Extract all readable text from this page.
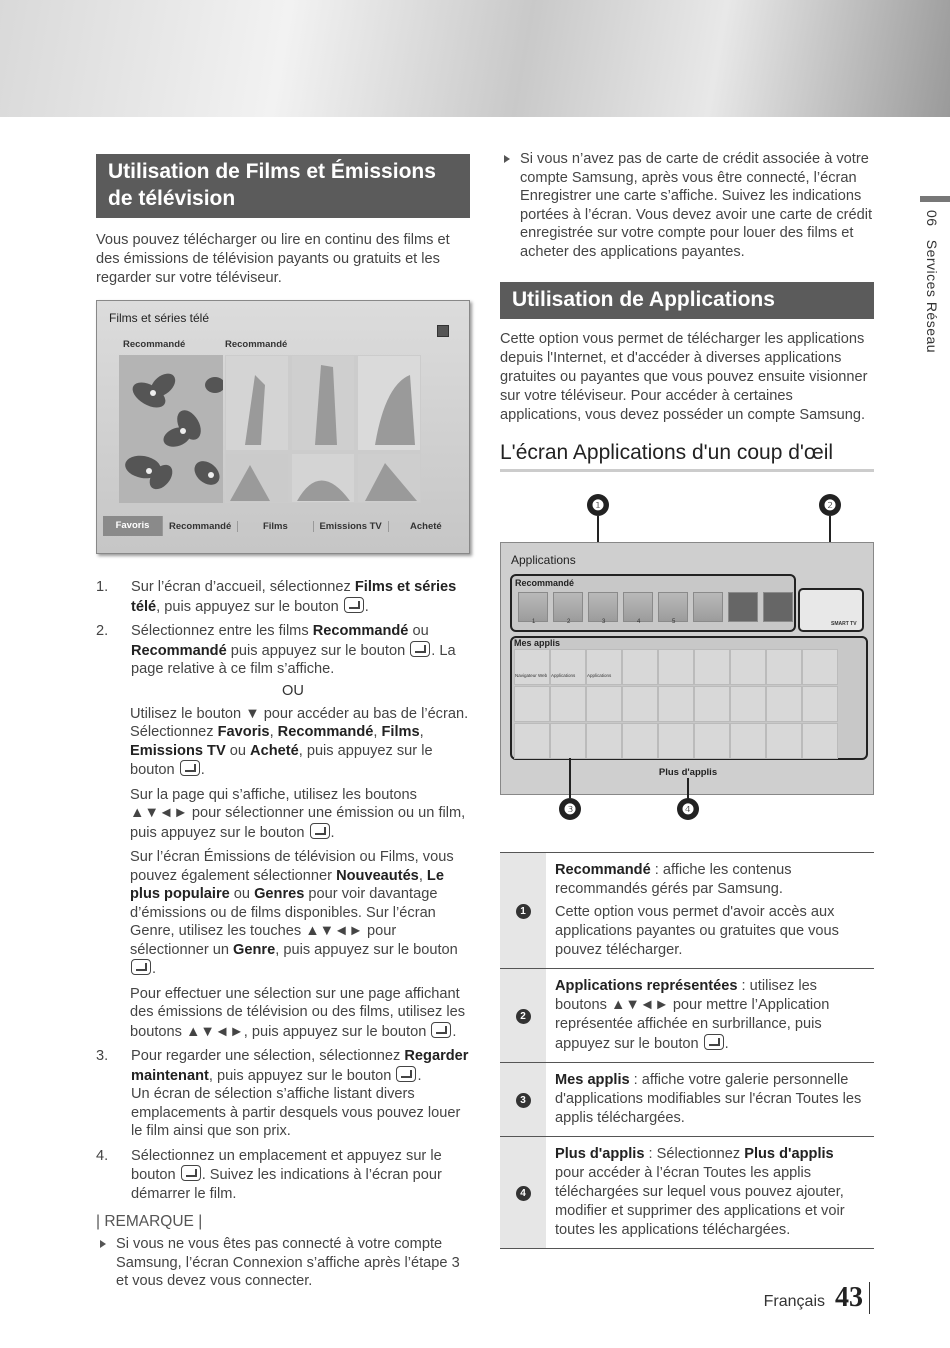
06   Services Réseau
Utilisation de Films et Émissions de télévision

Vous pouvez télécharger ou lire en continu des films et des émissions de télévision payants ou gratuits et les regarder sur votre téléviseur.

Films et séries télé
Recommandé	Recommandé
Favoris	Recommandé	Films	Emissions TV	Acheté
1. Sur l’écran d’accueil, sélectionnez Films et séries télé, puis appuyez sur le bouton .
2. Sélectionnez entre les films Recommandé ou Recommandé puis appuyez sur le bouton . La page relative à ce film s’affiche.
OU

Utilisez le bouton ▼ pour accéder au bas de l’écran. Sélectionnez Favoris, Recommandé, Films, Emissions TV ou Acheté, puis appuyez sur le bouton .

Sur la page qui s’affiche, utilisez les boutons ▲▼◄► pour sélectionner une émission ou un film, puis appuyez sur le bouton .

Sur l’écran Émissions de télévision ou Films, vous pouvez également sélectionner Nouveautés, Le plus populaire ou Genres pour voir davantage d’émissions ou de films disponibles. Sur l’écran Genre, utilisez les touches ▲▼◄► pour sélectionner un Genre, puis appuyez sur le bouton .

Pour effectuer une sélection sur une page affichant des émissions de télévision ou des films, utilisez les boutons ▲▼◄►, puis appuyez sur le bouton .

3. Pour regarder une sélection, sélectionnez Regarder maintenant, puis appuyez sur le bouton .
Un écran de sélection s’affiche listant divers emplacements à partir desquels vous pouvez louer le film ainsi que son prix.
4. Sélectionnez un emplacement et appuyez sur le bouton . Suivez les indications à l’écran pour démarrer le film.
| REMARQUE |

Si vous ne vous êtes pas connecté à votre compte Samsung, l’écran Connexion s’affiche après l’étape 3 et vous devez vous connecter.

Si vous n’avez pas de carte de crédit associée à votre compte Samsung, après vous être connecté, l’écran Enregistrer une carte s’affiche. Suivez les indications portées à l’écran. Vous devez avoir une carte de crédit enregistrée sur votre compte pour louer des films et acheter des applications payantes.

Utilisation de Applications

Cette option vous permet de télécharger les applications depuis l'Internet, et d'accéder à diverses applications gratuites ou payantes que vous pouvez ensuite visionner sur votre téléviseur. Pour accéder à certaines applications, vous devez posséder un compte Samsung.

L'écran Applications d'un coup d'œil
❶	❷
Applications
Recommandé
1	2	3	4	5	SMART TV
Mes applis
Navigateur Web Applications	Applications
Plus d'applis
❸	❹
1	Recommandé : affiche les contenus recommandés gérés par Samsung.
Cette option vous permet d'avoir accès aux applications payantes ou gratuites que vous pouvez télécharger.

2	Applications représentées : utilisez les boutons ▲▼◄► pour mettre l’Application représentée affichée en surbrillance, puis appuyez sur le bouton .
3	Mes applis : affiche votre galerie personnelle d'applications modifiables sur l'écran Toutes les applis téléchargées.
4	Plus d'applis : Sélectionnez Plus d'applis pour accéder à l’écran Toutes les applis téléchargées sur lequel vous pouvez ajouter, modifier et supprimer des applications et voir toutes les applications téléchargées.
Français 43
